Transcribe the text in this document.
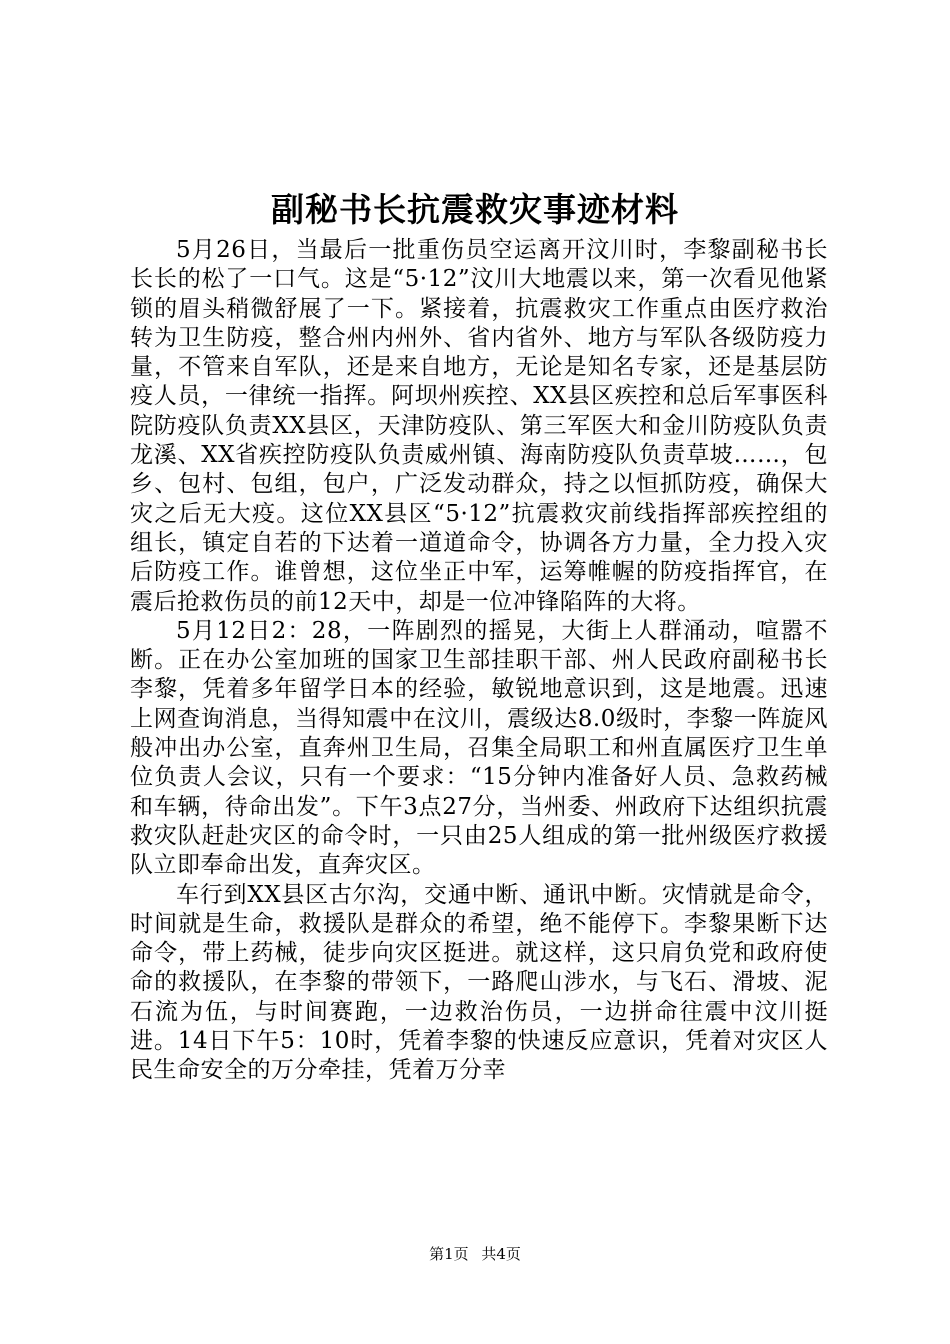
副秘书长抗震救灾事迹材料

5月26日，当最后一批重伤员空运离开汶川时，李黎副秘书长长长的松了一口气。这是“5·12”汶川大地震以来，第一次看见他紧锁的眉头稍微舒展了一下。紧接着，抗震救灾工作重点由医疗救治转为卫生防疫，整合州内州外、省内省外、地方与军队各级防疫力量，不管来自军队，还是来自地方，无论是知名专家，还是基层防疫人员，一律统一指挥。阿坝州疾控、XX县区疾控和总后军事医科院防疫队负责XX县区，天津防疫队、第三军医大和金川防疫队负责龙溪、XX省疾控防疫队负责威州镇、海南防疫队负责草坡……，包乡、包村、包组，包户，广泛发动群众，持之以恒抓防疫，确保大灾之后无大疫。这位XX县区“5·12”抗震救灾前线指挥部疾控组的组长，镇定自若的下达着一道道命令，协调各方力量，全力投入灾后防疫工作。谁曾想，这位坐正中军，运筹帷幄的防疫指挥官，在震后抢救伤员的前12天中，却是一位冲锋陷阵的大将。

5月12日2：28，一阵剧烈的摇晃，大街上人群涌动，喧嚣不断。正在办公室加班的国家卫生部挂职干部、州人民政府副秘书长李黎，凭着多年留学日本的经验，敏锐地意识到，这是地震。迅速上网查询消息，当得知震中在汶川，震级达8.0级时，李黎一阵旋风般冲出办公室，直奔州卫生局，召集全局职工和州直属医疗卫生单位负责人会议，只有一个要求：“15分钟内准备好人员、急救药械和车辆，待命出发”。下午3点27分，当州委、州政府下达组织抗震救灾队赶赴灾区的命令时，一只由25人组成的第一批州级医疗救援队立即奉命出发，直奔灾区。

车行到XX县区古尔沟，交通中断、通讯中断。灾情就是命令，时间就是生命，救援队是群众的希望，绝不能停下。李黎果断下达命令，带上药械，徒步向灾区挺进。就这样，这只肩负党和政府使命的救援队，在李黎的带领下，一路爬山涉水，与飞石、滑坡、泥石流为伍，与时间赛跑，一边救治伤员，一边拼命往震中汶川挺进。14日下午5：10时，凭着李黎的快速反应意识，凭着对灾区人民生命安全的万分牵挂，凭着万分幸

第1页 共4页
